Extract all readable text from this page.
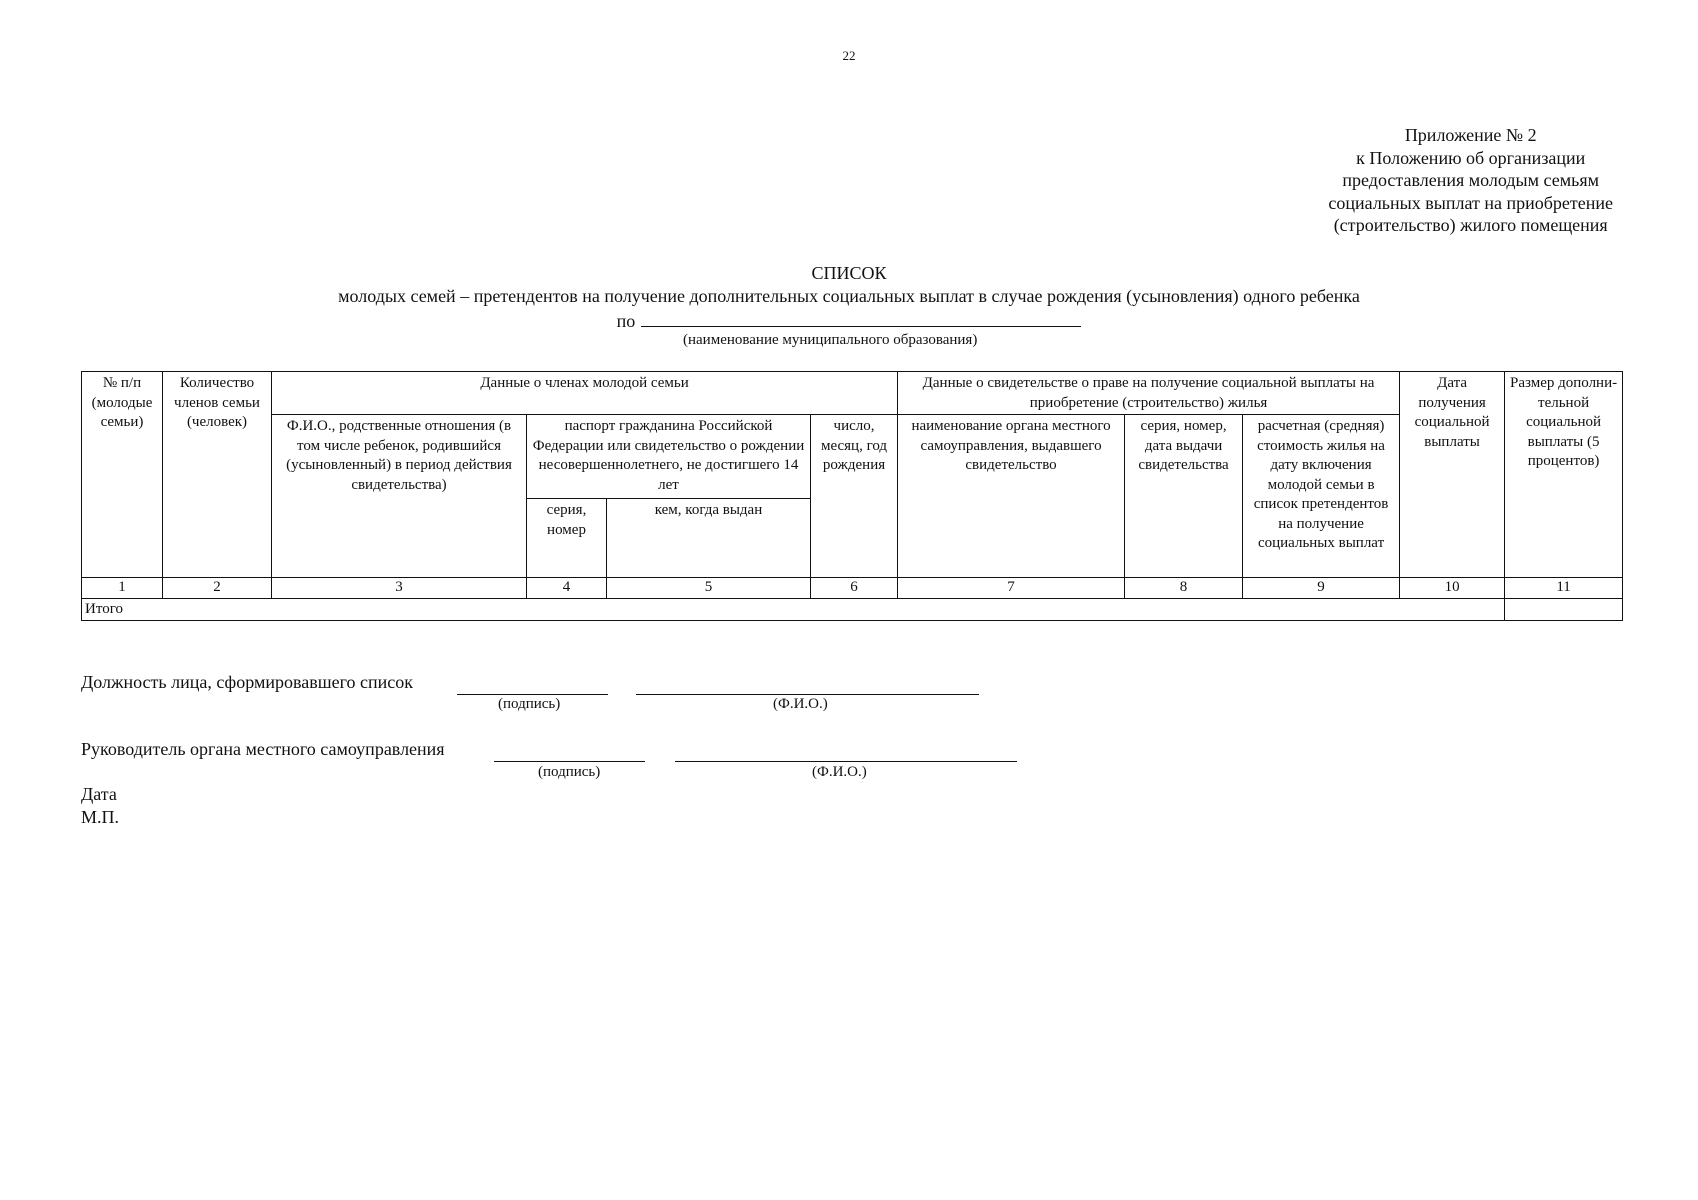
22
Приложение № 2
к Положению об организации
предоставления молодым семьям
социальных выплат на приобретение
(строительство) жилого помещения
СПИСОК
молодых семей – претендентов на получение дополнительных социальных выплат в случае рождения (усыновления) одного ребенка
по
(наименование муниципального образования)
№ п/п (молодые семьи)	Количество членов семьи (человек)	Данные о членах молодой семьи				Данные о свидетельстве о праве на получение социальной выплаты на приобретение (строительство) жилья			Дата получения социальной выплаты	Размер дополни-тельной социальной выплаты (5 процентов)
		Ф.И.О., родственные отношения (в том числе ребенок, родившийся (усыновленный) в период действия свидетельства)	паспорт гражданина Российской Федерации или свидетельство о рождении несовершеннолетнего, не достигшего 14 лет		число, месяц, год рождения	наименование органа местного самоуправления, выдавшего свидетельство	серия, номер, дата выдачи свидетельства	расчетная (средняя) стоимость жилья на дату включения молодой семьи в список претендентов на получение социальных выплат		
			серия, номер	кем, когда выдан						
1	2	3	4	5	6	7	8	9	10	11
Итого										
Должность лица, сформировавшего список
(подпись)	(Ф.И.О.)
Руководитель органа местного самоуправления
(подпись)	(Ф.И.О.)
Дата
М.П.
